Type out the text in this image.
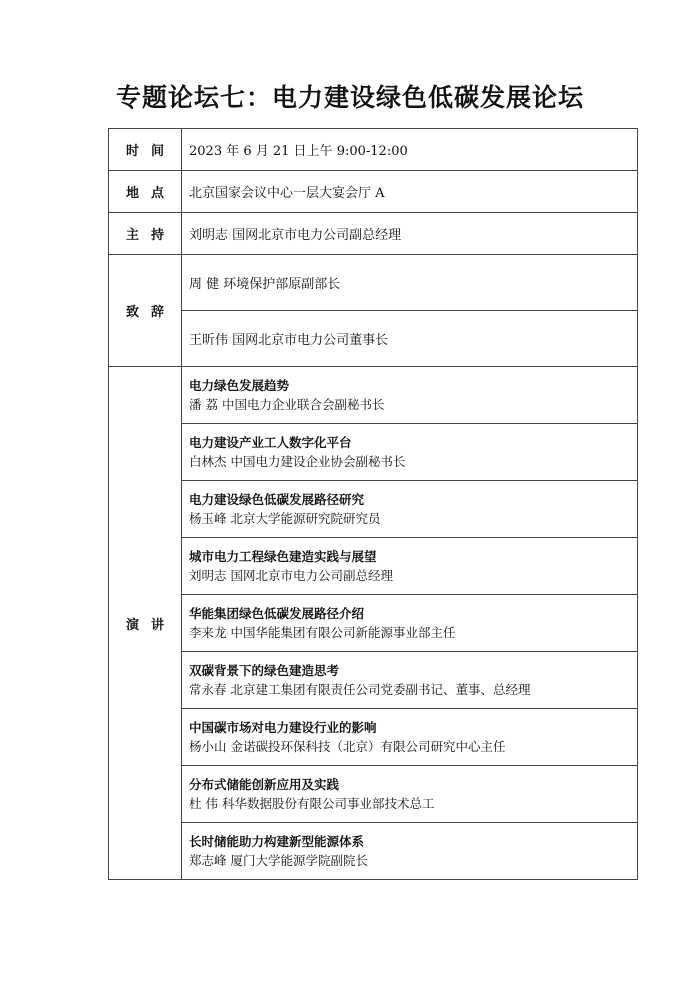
专题论坛七：电力建设绿色低碳发展论坛
时间	2023 年 6 月 21 日上午 9:00-12:00
地点	北京国家会议中心一层大宴会厅 A
主持	刘明志 国网北京市电力公司副总经理
致辞	周 健 环境保护部原副部长
	王昕伟 国网北京市电力公司董事长
演讲	电力绿色发展趋势
潘 荔 中国电力企业联合会副秘书长

	电力建设产业工人数字化平台
白林杰 中国电力建设企业协会副秘书长

	电力建设绿色低碳发展路径研究
杨玉峰 北京大学能源研究院研究员

	城市电力工程绿色建造实践与展望
刘明志 国网北京市电力公司副总经理

	华能集团绿色低碳发展路径介绍
李来龙 中国华能集团有限公司新能源事业部主任

	双碳背景下的绿色建造思考
常永春 北京建工集团有限责任公司党委副书记、董事、总经理

	中国碳市场对电力建设行业的影响
杨小山 金诺碳投环保科技（北京）有限公司研究中心主任

	分布式储能创新应用及实践
杜 伟 科华数据股份有限公司事业部技术总工

	长时储能助力构建新型能源体系
郑志峰 厦门大学能源学院副院长
